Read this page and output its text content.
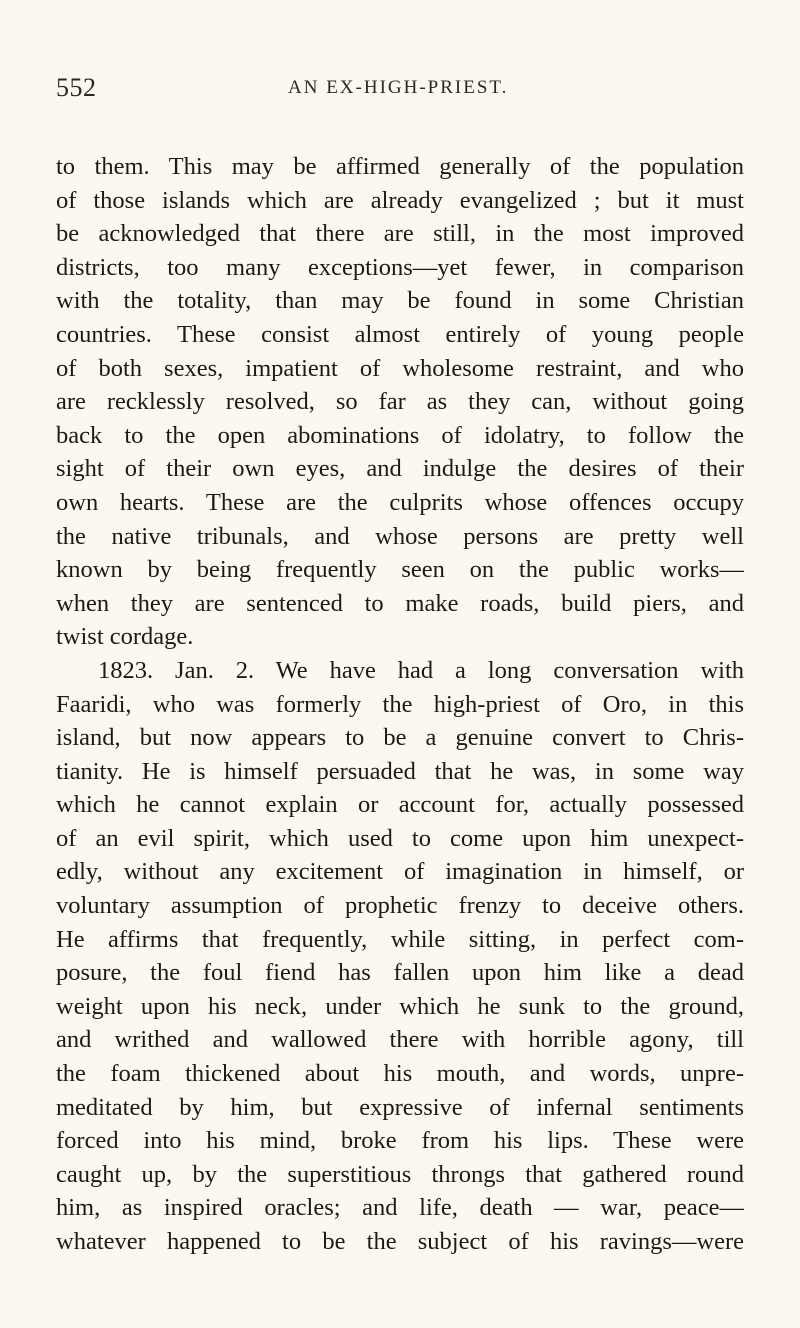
552	AN EX-HIGH-PRIEST.
to them. This may be affirmed generally of the population
of those islands which are already evangelized ; but it must
be acknowledged that there are still, in the most improved
districts, too many exceptions—yet fewer, in comparison
with the totality, than may be found in some Christian
countries. These consist almost entirely of young people
of both sexes, impatient of wholesome restraint, and who
are recklessly resolved, so far as they can, without going
back to the open abominations of idolatry, to follow the
sight of their own eyes, and indulge the desires of their
own hearts. These are the culprits whose offences occupy
the native tribunals, and whose persons are pretty well
known by being frequently seen on the public works—
when they are sentenced to make roads, build piers, and
twist cordage.
1823. Jan. 2. We have had a long conversation with
Faaridi, who was formerly the high-priest of Oro, in this
island, but now appears to be a genuine convert to Chris-
tianity. He is himself persuaded that he was, in some way
which he cannot explain or account for, actually possessed
of an evil spirit, which used to come upon him unexpect-
edly, without any excitement of imagination in himself, or
voluntary assumption of prophetic frenzy to deceive others.
He affirms that frequently, while sitting, in perfect com-
posure, the foul fiend has fallen upon him like a dead
weight upon his neck, under which he sunk to the ground,
and writhed and wallowed there with horrible agony, till
the foam thickened about his mouth, and words, unpre-
meditated by him, but expressive of infernal sentiments
forced into his mind, broke from his lips. These were
caught up, by the superstitious throngs that gathered round
him, as inspired oracles; and life, death — war, peace—
whatever happened to be the subject of his ravings—were
